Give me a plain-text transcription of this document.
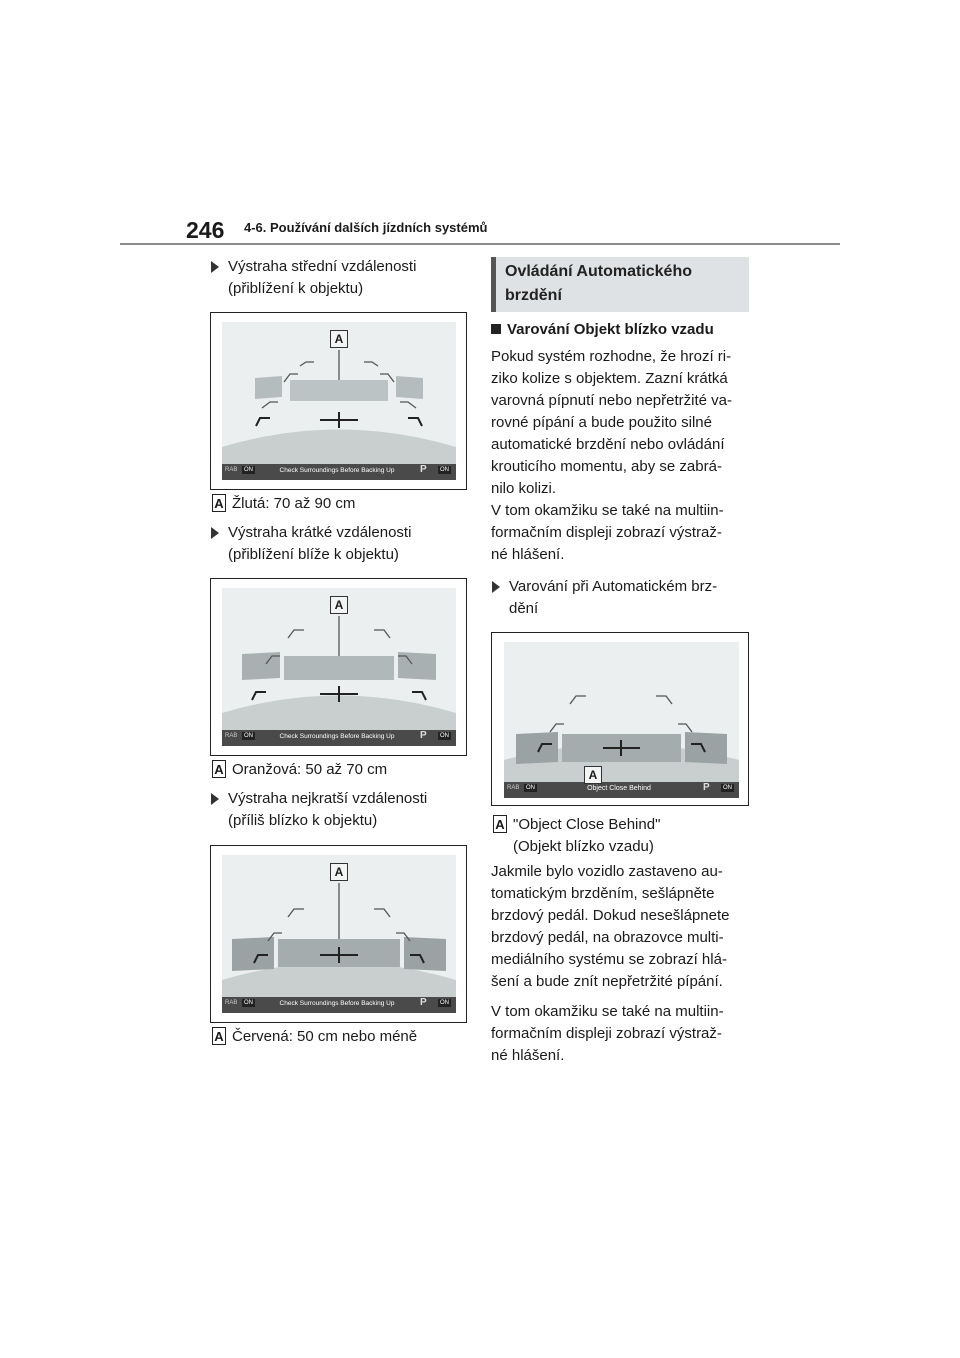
246 4-6. Používání dalších jízdních systémů
Výstraha střední vzdálenosti
(přiblížení k objektu)
A
RAB	ON	Check Surroundings Before Backing Up	P	ON
A Žlutá: 70 až 90 cm
Výstraha krátké vzdálenosti
(přiblížení blíže k objektu)
A
RAB	ON	Check Surroundings Before Backing Up	P	ON
A Oranžová: 50 až 70 cm
Výstraha nejkratší vzdálenosti
(příliš blízko k objektu)
A
RAB	ON	Check Surroundings Before Backing Up	P	ON
A Červená: 50 cm nebo méně
Ovládání Automatického
brzdění
Varování Objekt blízko vzadu
Pokud systém rozhodne, že hrozí ri-
ziko kolize s objektem. Zazní krátká
varovná pípnutí nebo nepřetržité va-
rovné pípání a bude použito silné
automatické brzdění nebo ovládání
krouticího momentu, aby se zabrá-
nilo kolizi.
V tom okamžiku se také na multiin-
formačním displeji zobrazí výstraž-
né hlášení.
Varování při Automatickém brz-
dění
A
RAB	ON	Object Close Behind	P	ON
A "Object Close Behind"
(Objekt blízko vzadu)
Jakmile bylo vozidlo zastaveno au-
tomatickým brzděním, sešlápněte
brzdový pedál. Dokud nesešlápnete
brzdový pedál, na obrazovce multi-
mediálního systému se zobrazí hlá-
šení a bude znít nepřetržité pípání.
V tom okamžiku se také na multiin-
formačním displeji zobrazí výstraž-
né hlášení.
